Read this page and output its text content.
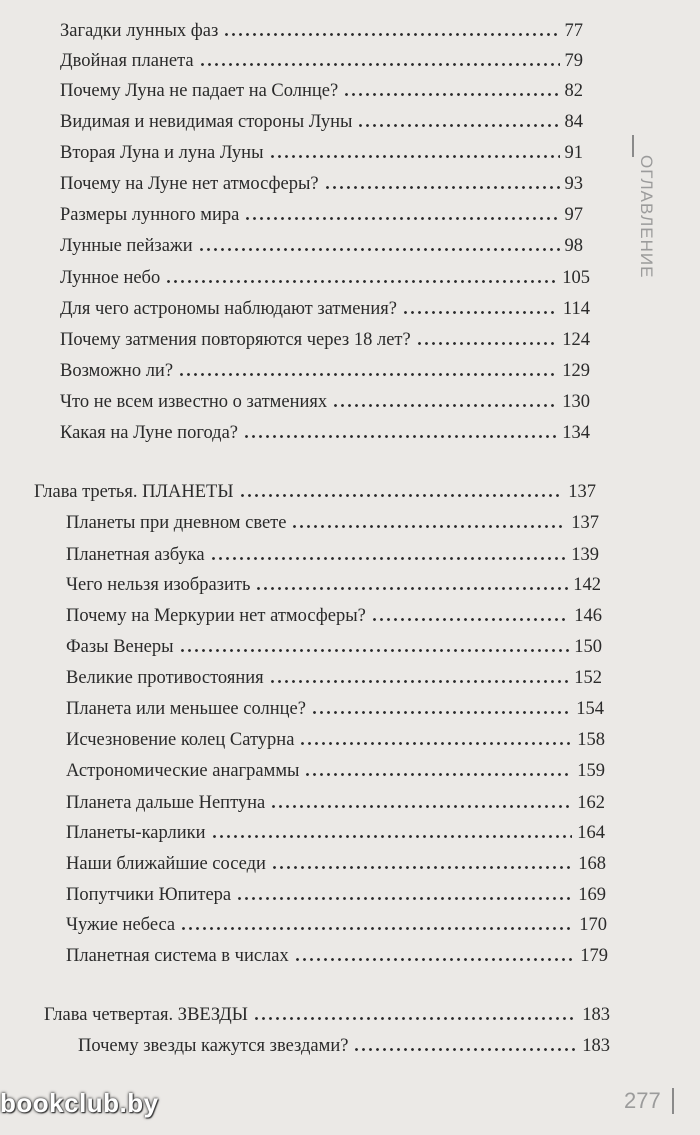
ОГЛАВЛЕНИЕ
Загадки лунных фаз	77
Двойная планета	79
Почему Луна не падает на Солнце?	82
Видимая и невидимая стороны Луны	84
Вторая Луна и луна Луны	91
Почему на Луне нет атмосферы?	93
Размеры лунного мира	97
Лунные пейзажи	98
Лунное небо	105
Для чего астрономы наблюдают затмения?	114
Почему затмения повторяются через 18 лет?	124
Возможно ли?	129
Что не всем известно о затмениях	130
Какая на Луне погода?	134
Глава третья. ПЛАНЕТЫ	137
Планеты при дневном свете	137
Планетная азбука	139
Чего нельзя изобразить	142
Почему на Меркурии нет атмосферы?	146
Фазы Венеры	150
Великие противостояния	152
Планета или меньшее солнце?	154
Исчезновение колец Сатурна	158
Астрономические анаграммы	159
Планета дальше Нептуна	162
Планеты-карлики	164
Наши ближайшие соседи	168
Попутчики Юпитера	169
Чужие небеса	170
Планетная система в числах	179
Глава четвертая. ЗВЕЗДЫ	183
Почему звезды кажутся звездами?	183
bookclub.by	277
